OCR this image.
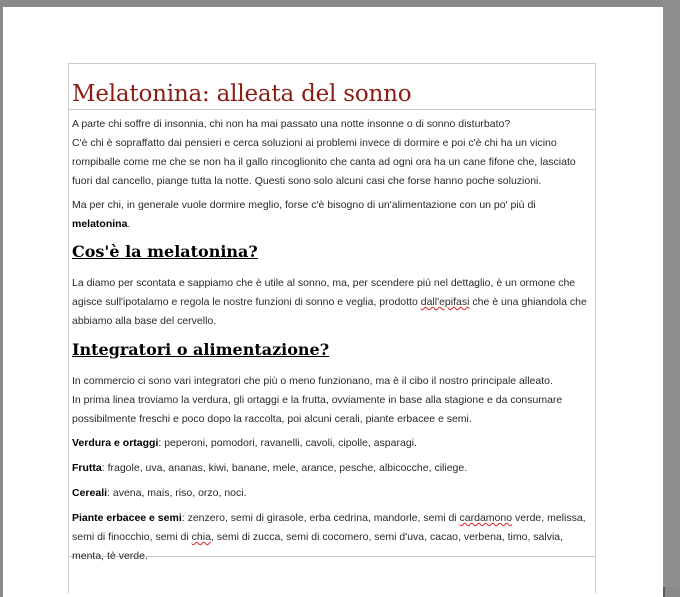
Melatonina: alleata del sonno

A parte chi soffre di insonnia, chi non ha mai passato una notte insonne o di sonno disturbato?

C'è chi è sopraffatto dai pensieri e cerca soluzioni ai problemi invece di dormire e poi c'è chi ha un vicino rompiballe come me che se non ha il gallo rincoglionito che canta ad ogni ora ha un cane fifone che, lasciato fuori dal cancello, piange tutta la notte. Questi sono solo alcuni casi che forse hanno poche soluzioni.

Ma per chi, in generale vuole dormire meglio, forse c'è bisogno di un'alimentazione con un po' più di melatonina.

Cos'è la melatonina?

La diamo per scontata e sappiamo che è utile al sonno, ma, per scendere più nel dettaglio, è un ormone che agisce sull'ipotalamo e regola le nostre funzioni di sonno e veglia, prodotto dall'epifasi che è una ghiandola che abbiamo alla base del cervello.

Integratori o alimentazione?

In commercio ci sono vari integratori che più o meno funzionano, ma è il cibo il nostro principale alleato.

In prima linea troviamo la verdura, gli ortaggi e la frutta, ovviamente in base alla stagione e da consumare possibilmente freschi e poco dopo la raccolta, poi alcuni cerali, piante erbacee e semi.

Verdura e ortaggi: peperoni, pomodori, ravanelli, cavoli, cipolle, asparagi.

Frutta: fragole, uva, ananas, kiwi, banane, mele, arance, pesche, albicocche, ciliege.

Cereali: avena, mais, riso, orzo, noci.

Piante erbacee e semi: zenzero, semi di girasole, erba cedrina, mandorle, semi di cardamono verde, melissa, semi di finocchio, semi di chia, semi di zucca, semi di cocomero, semi d'uva, cacao, verbena, timo, salvia, menta, tè verde.
